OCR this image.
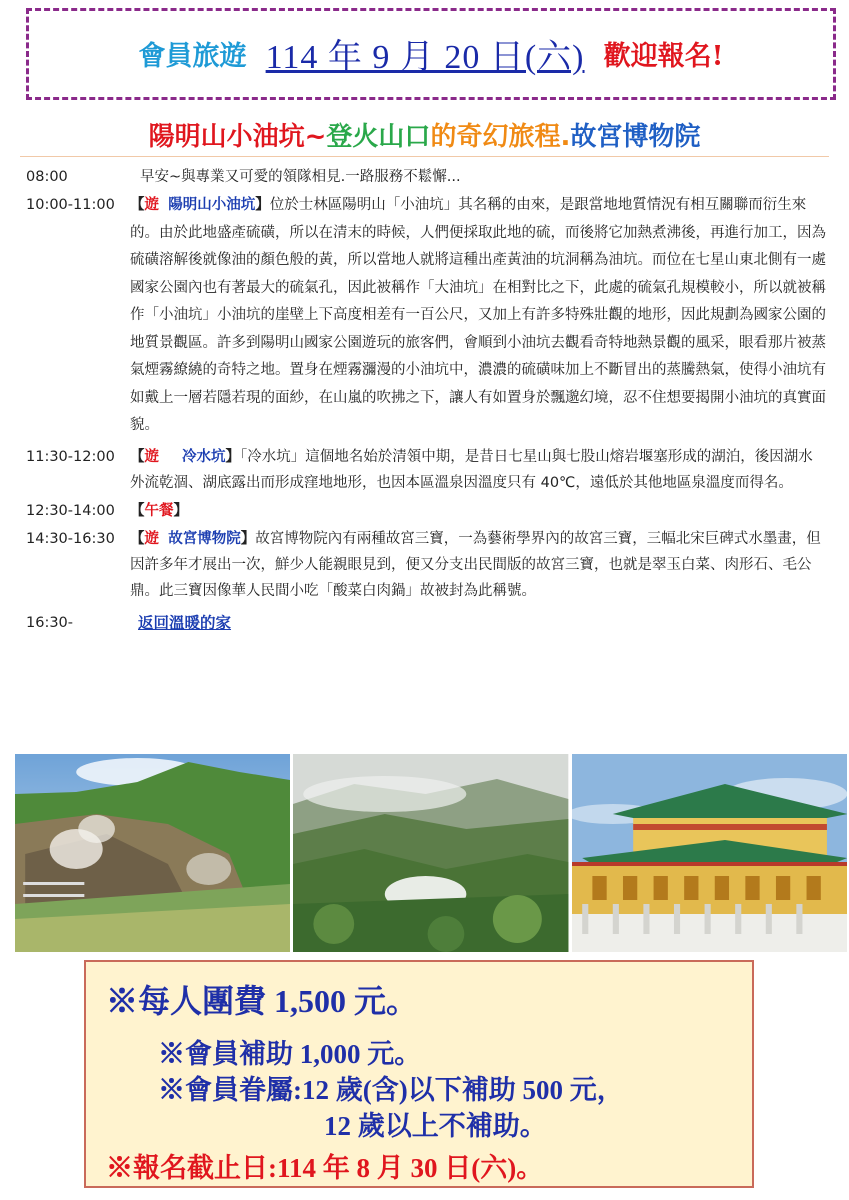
會員旅遊 114 年 9 月 20 日(六) 歡迎報名!
陽明山小油坑~登火山口的奇幻旅程.故宮博物院
08:00	早安~與專業又可愛的領隊相見.一路服務不鬆懈...
10:00-11:00	【遊 陽明山小油坑】位於士林區陽明山「小油坑」其名稱的由來，是跟當地地質情況有相互關聯而衍生來的。由於此地盛產硫磺，所以在清末的時候，人們便採取此地的硫，而後將它加熱煮沸後，再進行加工，因為硫磺溶解後就像油的顏色般的黃，所以當地人就將這種出產黃油的坑洞稱為油坑。而位在七星山東北側有一處國家公園內也有著最大的硫氣孔，因此被稱作「大油坑」在相對比之下，此處的硫氣孔規模較小，所以就被稱作「小油坑」小油坑的崖壁上下高度相差有一百公尺，又加上有許多特殊壯觀的地形，因此規劃為國家公園的地質景觀區。許多到陽明山國家公園遊玩的旅客們，會順到小油坑去觀看奇特地熱景觀的風采，眼看那片被蒸氣煙霧繚繞的奇特之地。置身在煙霧瀰漫的小油坑中，濃濃的硫磺味加上不斷冒出的蒸騰熱氣，使得小油坑有如戴上一層若隱若現的面紗，在山嵐的吹拂之下，讓人有如置身於飄邈幻境，忍不住想要揭開小油坑的真實面貌。
11:30-12:00	【遊 冷水坑】「冷水坑」這個地名始於清領中期，是昔日七星山與七股山熔岩堰塞形成的湖泊，後因湖水外流乾涸、湖底露出而形成窪地地形，也因本區溫泉因溫度只有 40℃，遠低於其他地區泉溫度而得名。
12:30-14:00	【午餐】
14:30-16:30	【遊 故宮博物院】故宮博物院內有兩種故宮三寶，一為藝術學界內的故宮三寶，三幅北宋巨碑式水墨畫，但因許多年才展出一次，鮮少人能親眼見到，便又分支出民間版的故宮三寶，也就是翠玉白菜、肉形石、毛公鼎。此三寶因像華人民間小吃「酸菜白肉鍋」故被封為此稱號。
16:30-	返回溫暖的家
※每人團費 1,500 元。
※會員補助 1,000 元。
※會員眷屬:12 歲(含)以下補助 500 元，
12 歲以上不補助。
※報名截止日:114 年 8 月 30 日(六)。
